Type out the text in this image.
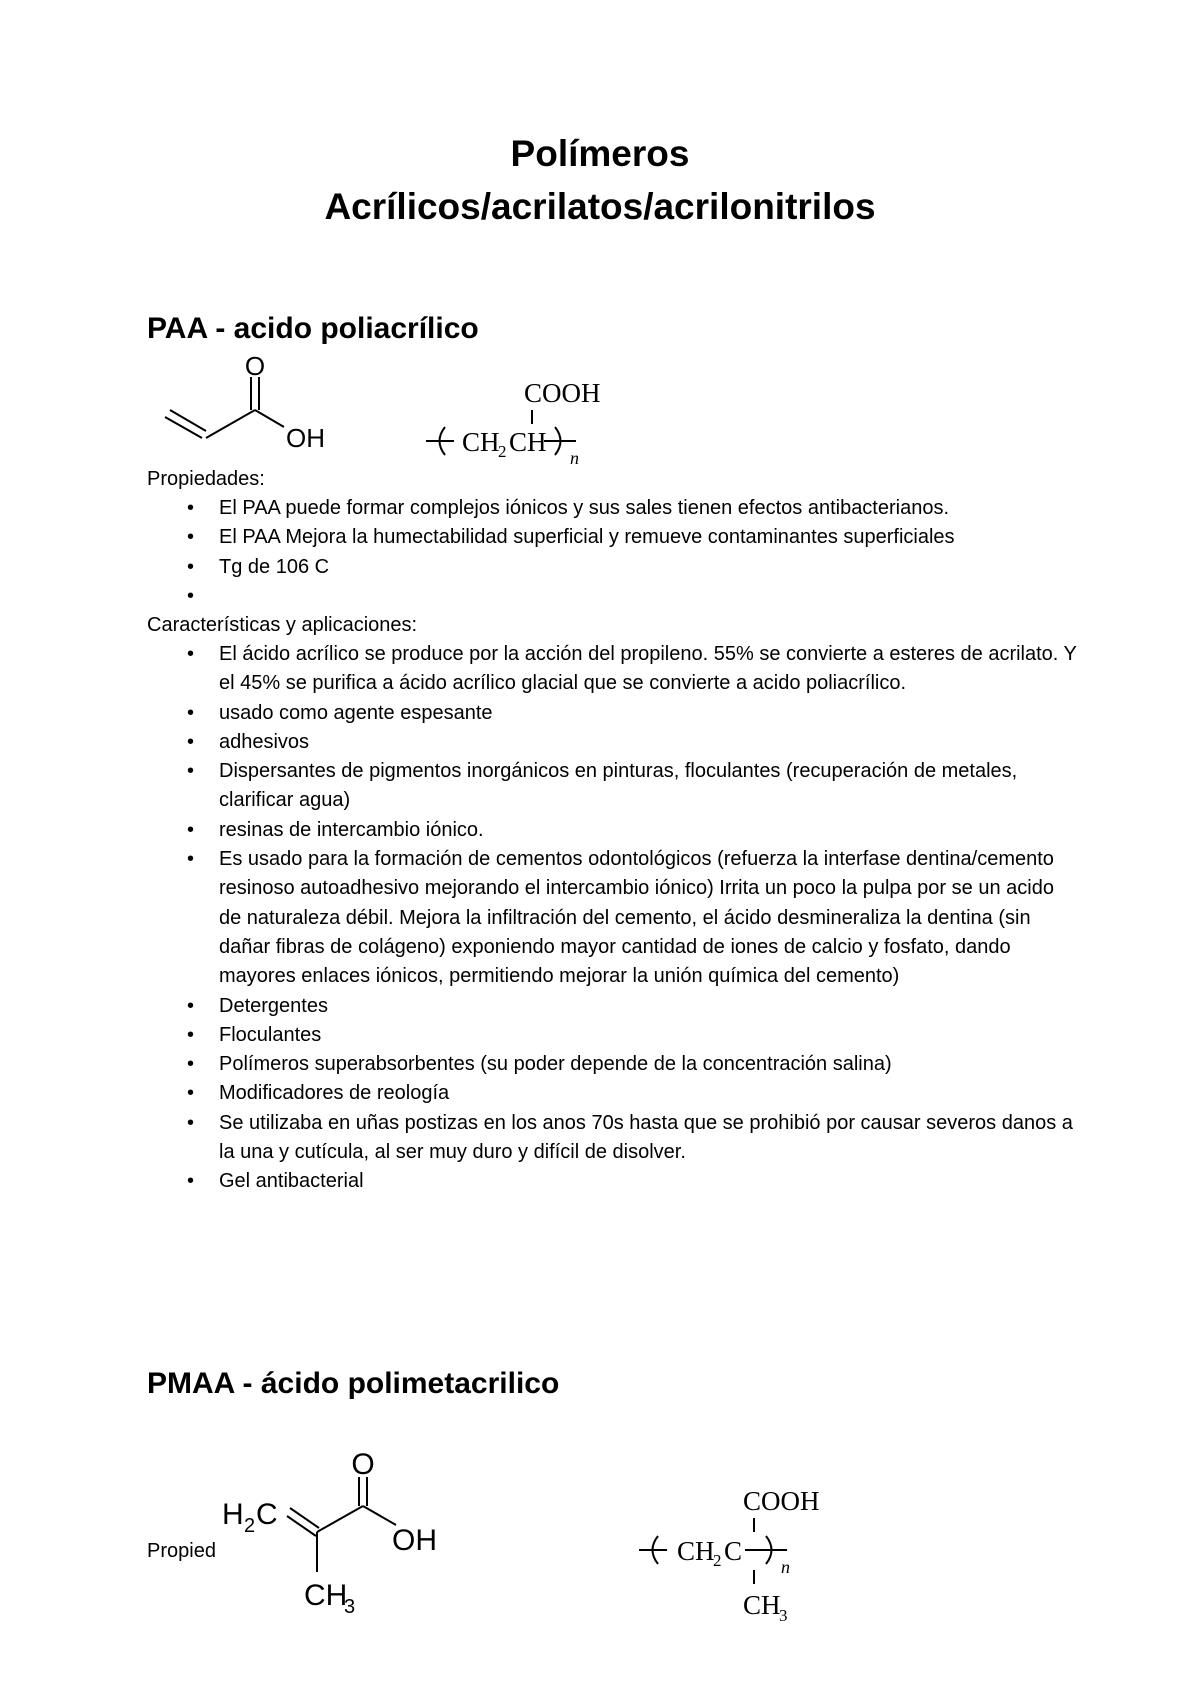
Polímeros
Acrílicos/acrilatos/acrilonitrilos
PAA - acido poliacrílico
O
OH
COOH
CH
2 CH
n
Propiedades:
• El PAA puede formar complejos iónicos y sus sales tienen efectos antibacterianos.
• El PAA Mejora la humectabilidad superficial y remueve contaminantes superficiales
• Tg de 106 C
•

Características y aplicaciones:
• El ácido acrílico se produce por la acción del propileno. 55% se convierte a esteres de acrilato. Y el 45% se purifica a ácido acrílico glacial que se convierte a acido poliacrílico.
• usado como agente espesante
• adhesivos
• Dispersantes de pigmentos inorgánicos en pinturas, floculantes (recuperación de metales, clarificar agua)
• resinas de intercambio iónico.
• Es usado para la formación de cementos odontológicos (refuerza la interfase dentina/cemento resinoso autoadhesivo mejorando el intercambio iónico) Irrita un poco la pulpa por se un acido de naturaleza débil. Mejora la infiltración del cemento, el ácido desmineraliza la dentina (sin dañar fibras de colágeno) exponiendo mayor cantidad de iones de calcio y fosfato, dando mayores enlaces iónicos, permitiendo mejorar la unión química del cemento)
• Detergentes
• Floculantes
• Polímeros superabsorbentes (su poder depende de la concentración salina)
• Modificadores de reología
• Se utilizaba en uñas postizas en los anos 70s hasta que se prohibió por causar severos danos a la una y cutícula, al ser muy duro y difícil de disolver.
• Gel antibacterial
PMAA - ácido polimetacrilico
Propied
H 2 C
O
OH
CH
3
COOH
CH
2 C
n
CH
3
